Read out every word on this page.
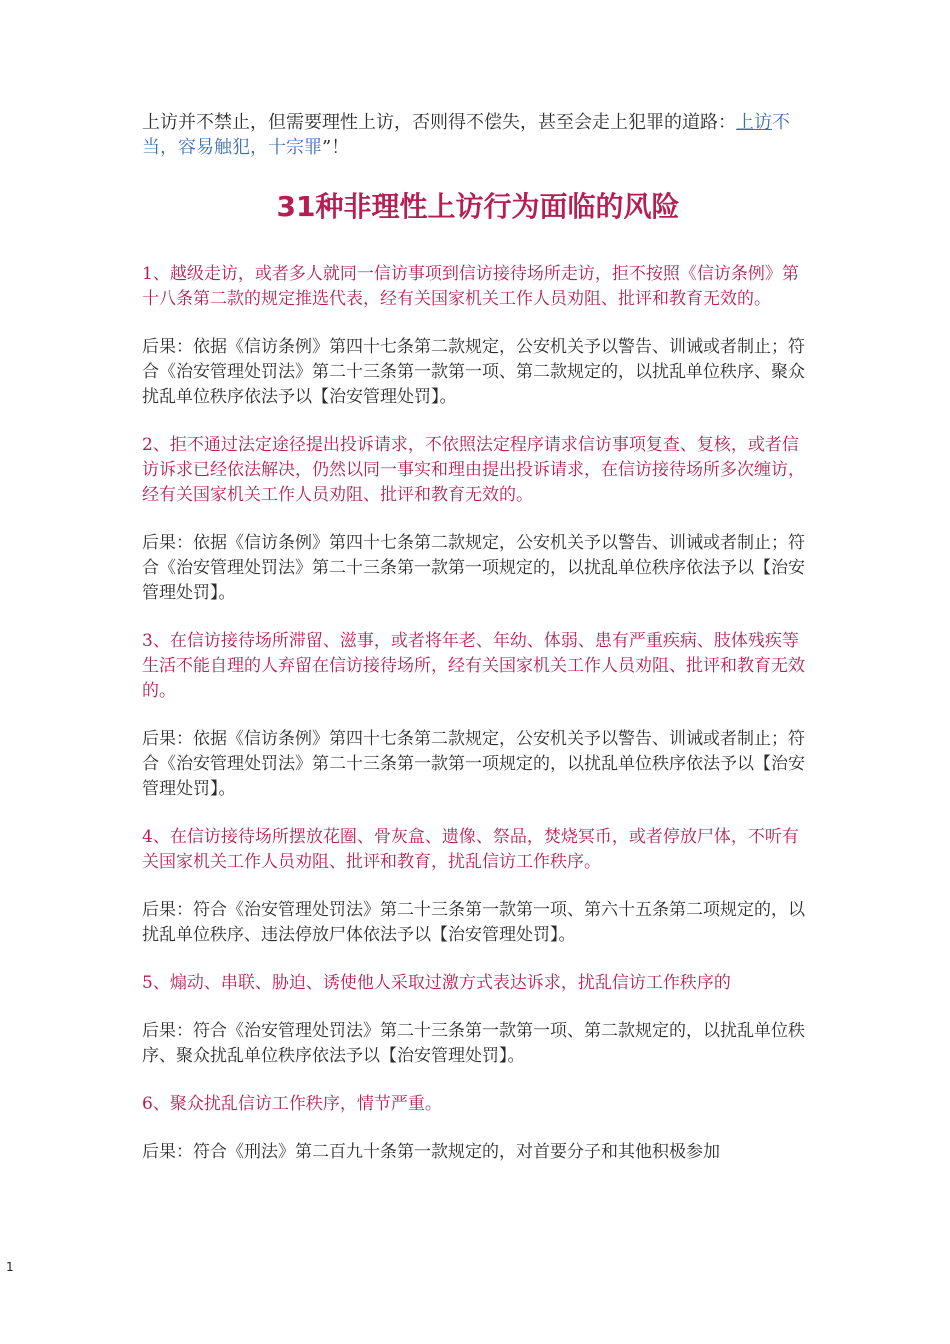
上访并不禁止，但需要理性上访，否则得不偿失，甚至会走上犯罪的道路：上访不当，容易触犯，十宗罪”！

31种非理性上访行为面临的风险

1、越级走访，或者多人就同一信访事项到信访接待场所走访，拒不按照《信访条例》第十八条第二款的规定推选代表，经有关国家机关工作人员劝阻、批评和教育无效的。

后果：依据《信访条例》第四十七条第二款规定，公安机关予以警告、训诫或者制止；符合《治安管理处罚法》第二十三条第一款第一项、第二款规定的，以扰乱单位秩序、聚众扰乱单位秩序依法予以【治安管理处罚】。

2、拒不通过法定途径提出投诉请求，不依照法定程序请求信访事项复查、复核，或者信访诉求已经依法解决，仍然以同一事实和理由提出投诉请求，在信访接待场所多次缠访，经有关国家机关工作人员劝阻、批评和教育无效的。

后果：依据《信访条例》第四十七条第二款规定，公安机关予以警告、训诫或者制止；符合《治安管理处罚法》第二十三条第一款第一项规定的，以扰乱单位秩序依法予以【治安管理处罚】。

3、在信访接待场所滞留、滋事，或者将年老、年幼、体弱、患有严重疾病、肢体残疾等生活不能自理的人弃留在信访接待场所，经有关国家机关工作人员劝阻、批评和教育无效的。

后果：依据《信访条例》第四十七条第二款规定，公安机关予以警告、训诫或者制止；符合《治安管理处罚法》第二十三条第一款第一项规定的，以扰乱单位秩序依法予以【治安管理处罚】。

4、在信访接待场所摆放花圈、骨灰盒、遗像、祭品，焚烧冥币，或者停放尸体，不听有关国家机关工作人员劝阻、批评和教育，扰乱信访工作秩序。

后果：符合《治安管理处罚法》第二十三条第一款第一项、第六十五条第二项规定的，以扰乱单位秩序、违法停放尸体依法予以【治安管理处罚】。

5、煽动、串联、胁迫、诱使他人采取过激方式表达诉求，扰乱信访工作秩序的

后果：符合《治安管理处罚法》第二十三条第一款第一项、第二款规定的，以扰乱单位秩序、聚众扰乱单位秩序依法予以【治安管理处罚】。

6、聚众扰乱信访工作秩序，情节严重。

后果：符合《刑法》第二百九十条第一款规定的，对首要分子和其他积极参加

1
